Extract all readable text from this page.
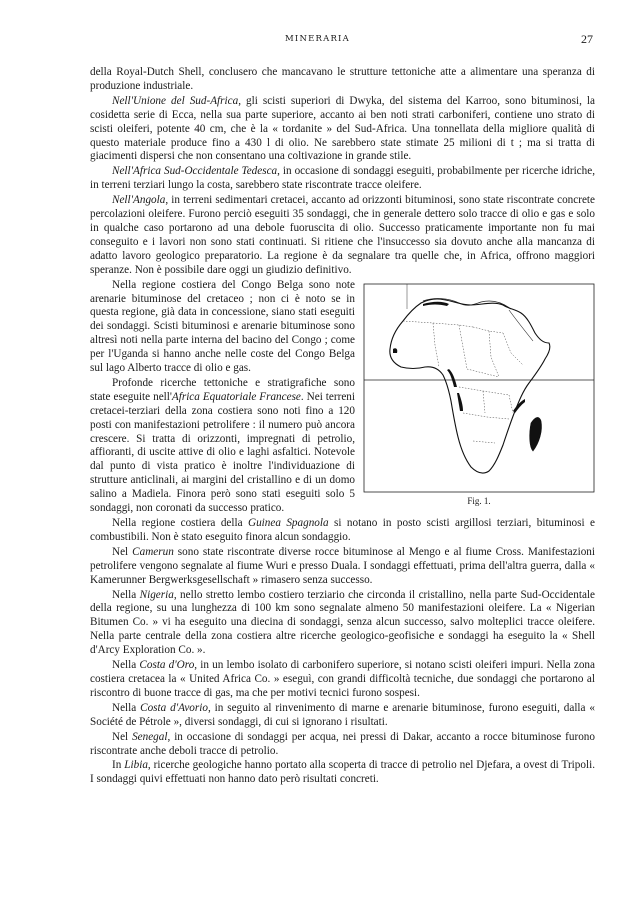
MINERARIA	27

della Royal-Dutch Shell, conclusero che mancavano le strutture tettoniche atte a alimentare una speranza di produzione industriale.

Nell'Unione del Sud-Africa, gli scisti superiori di Dwyka, del sistema del Karroo, sono bituminosi, la cosidetta serie di Ecca, nella sua parte superiore, accanto ai ben noti strati carboniferi, contiene uno strato di scisti oleiferi, potente 40 cm, che è la « tordanite » del Sud-Africa. Una tonnellata della migliore qualità di questo materiale produce fino a 430 l di olio. Ne sarebbero state stimate 25 milioni di t ; ma si tratta di giacimenti dispersi che non consentano una coltivazione in grande stile.

Nell'Africa Sud-Occidentale Tedesca, in occasione di sondaggi eseguiti, probabilmente per ricerche idriche, in terreni terziari lungo la costa, sarebbero state riscontrate tracce oleifere.

Nell'Angola, in terreni sedimentari cretacei, accanto ad orizzonti bituminosi, sono state riscontrate concrete percolazioni oleifere. Furono perciò eseguiti 35 sondaggi, che in generale dettero solo tracce di olio e gas e solo in qualche caso portarono ad una debole fuoruscita di olio. Successo praticamente importante non fu mai conseguito e i lavori non sono stati continuati. Si ritiene che l'insuccesso sia dovuto anche alla mancanza di adatto lavoro geologico preparatorio. La regione è da segnalare tra quelle che, in Africa, offrono maggiori speranze. Non è possibile dare oggi un giudizio definitivo.

Fig. 1.

Nella regione costiera del Congo Belga sono note arenarie bituminose del cretaceo ; non ci è noto se in questa regione, già data in concessione, siano stati eseguiti dei sondaggi. Scisti bituminosi e arenarie bituminose sono altresì noti nella parte interna del bacino del Congo ; come per l'Uganda si hanno anche nelle coste del Congo Belga sul lago Alberto tracce di olio e gas.

Profonde ricerche tettoniche e stratigrafiche sono state eseguite nell'Africa Equatoriale Francese. Nei terreni cretacei-terziari della zona costiera sono noti fino a 120 posti con manifestazioni petrolifere : il numero può ancora crescere. Si tratta di orizzonti, impregnati di petrolio, affioranti, di uscite attive di olio e laghi asfaltici. Notevole dal punto di vista pratico è inoltre l'individuazione di strutture anticlinali, ai margini del cristallino e di un domo salino a Madiela. Finora però sono stati eseguiti solo 5 sondaggi, non coronati da successo pratico.

Nella regione costiera della Guinea Spagnola si notano in posto scisti argillosi terziari, bituminosi e combustibili. Non è stato eseguito finora alcun sondaggio.

Nel Camerun sono state riscontrate diverse rocce bituminose al Mengo e al fiume Cross. Manifestazioni petrolifere vengono segnalate al fiume Wuri e presso Duala. I sondaggi effettuati, prima dell'altra guerra, dalla « Kamerunner Bergwerksgesellschaft » rimasero senza successo.

Nella Nigeria, nello stretto lembo costiero terziario che circonda il cristallino, nella parte Sud-Occidentale della regione, su una lunghezza di 100 km sono segnalate almeno 50 manifestazioni oleifere. La « Nigerian Bitumen Co. » vi ha eseguito una diecina di sondaggi, senza alcun successo, salvo molteplici tracce oleifere. Nella parte centrale della zona costiera altre ricerche geologico-geofisiche e sondaggi ha eseguito la « Shell d'Arcy Exploration Co. ».

Nella Costa d'Oro, in un lembo isolato di carbonifero superiore, si notano scisti oleiferi impuri. Nella zona costiera cretacea la « United Africa Co. » eseguì, con grandi difficoltà tecniche, due sondaggi che portarono al riscontro di buone tracce di gas, ma che per motivi tecnici furono sospesi.

Nella Costa d'Avorio, in seguito al rinvenimento di marne e arenarie bituminose, furono eseguiti, dalla « Société de Pétrole », diversi sondaggi, di cui si ignorano i risultati.

Nel Senegal, in occasione di sondaggi per acqua, nei pressi di Dakar, accanto a rocce bituminose furono riscontrate anche deboli tracce di petrolio.

In Libia, ricerche geologiche hanno portato alla scoperta di tracce di petrolio nel Djefara, a ovest di Tripoli. I sondaggi quivi effettuati non hanno dato però risultati concreti.
